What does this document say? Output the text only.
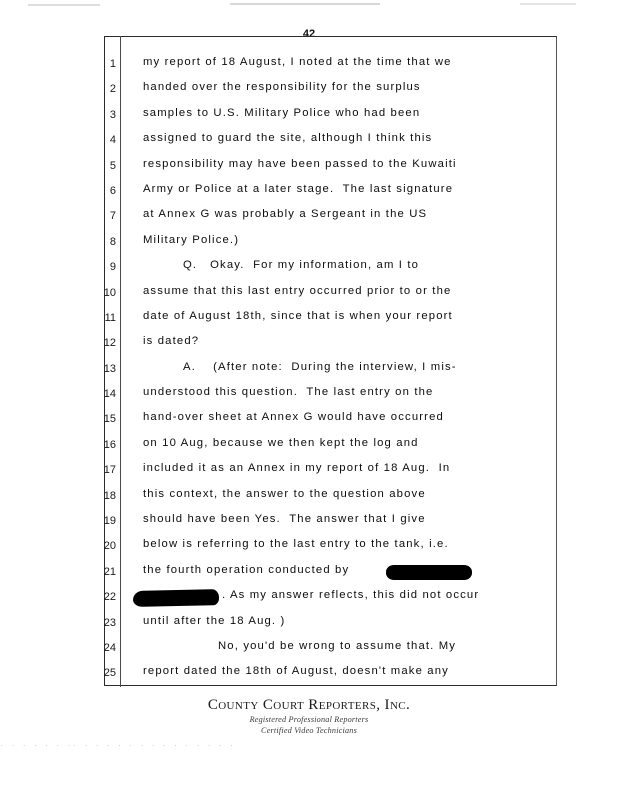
42
1 my report of 18 August, I noted at the time that we
2 handed over the responsibility for the surplus
3 samples to U.S. Military Police who had been
4 assigned to guard the site, although I think this
5 responsibility may have been passed to the Kuwaiti
6 Army or Police at a later stage.  The last signature
7 at Annex G was probably a Sergeant in the US
8 Military Police.)
9	Q.   Okay.  For my information, am I to
10 assume that this last entry occurred prior to or the
11 date of August 18th, since that is when your report
12 is dated?
13	A.    (After note:  During the interview, I mis-
14 understood this question.  The last entry on the
15 hand-over sheet at Annex G would have occurred
16 on 10 Aug, because we then kept the log and
17 included it as an Annex in my report of 18 Aug.  In
18 this context, the answer to the question above
19 should have been Yes.  The answer that I give
20 below is referring to the last entry to the tank, i.e.
21 the fourth operation conducted by
22	. As my answer reflects, this did not occur
23 until after the 18 Aug. )
24	No, you'd be wrong to assume that. My
25 report dated the 18th of August, doesn't make any
County Court Reporters, Inc.
Registered Professional Reporters
Certified Video Technicians
. . . . . . .. . . . . . . . . . . . . . .
